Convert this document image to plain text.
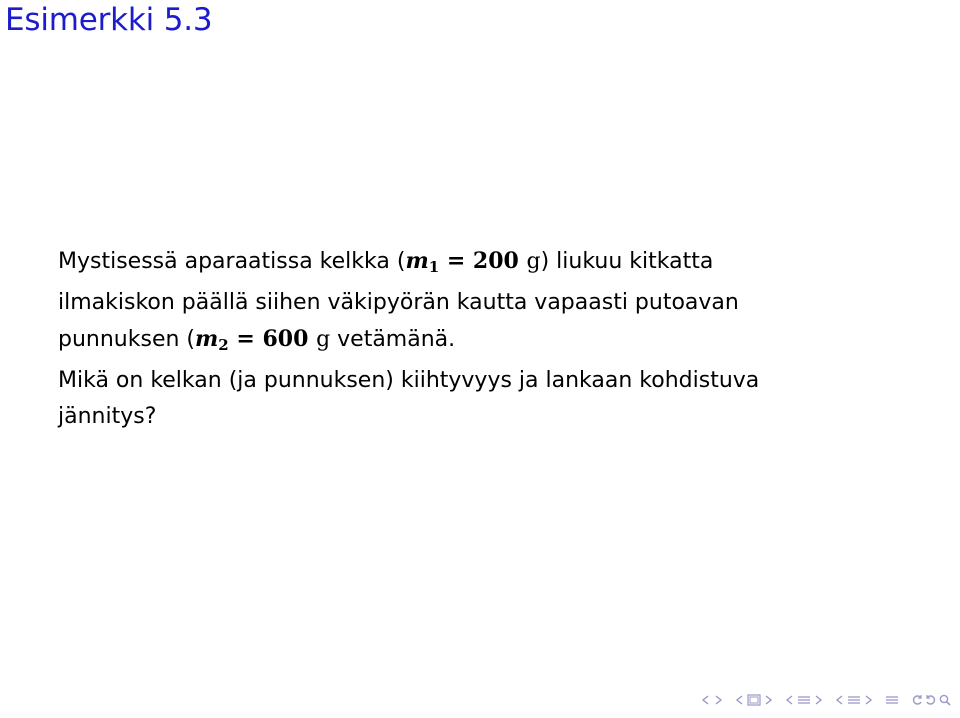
Esimerkki 5.3
Mystisessä aparaatissa kelkka (m1 = 200 g) liukuu kitkatta
ilmakiskon päällä siihen väkipyörän kautta vapaasti putoavan
punnuksen (m2 = 600 g vetämänä.
Mikä on kelkan (ja punnuksen) kiihtyvyys ja lankaan kohdistuva
jännitys?
